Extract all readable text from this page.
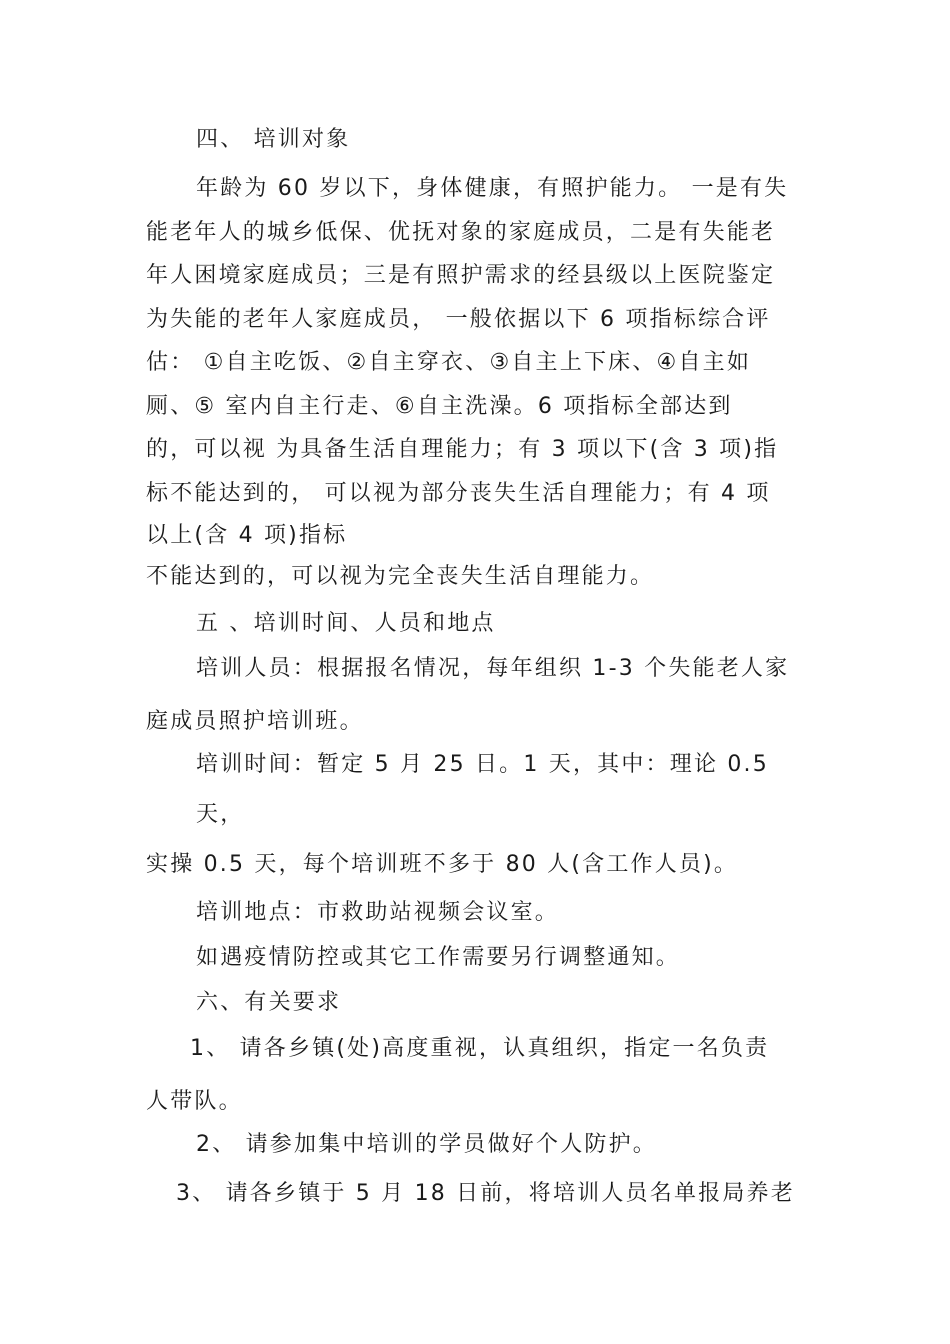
四、 培训对象
年龄为 60 岁以下，身体健康，有照护能力。 一是有失
能老年人的城乡低保、优抚对象的家庭成员，二是有失能老
年人困境家庭成员；三是有照护需求的经县级以上医院鉴定
为失能的老年人家庭成员， 一般依据以下 6 项指标综合评
估： ①自主吃饭、②自主穿衣、③自主上下床、④自主如
厕、⑤ 室内自主行走、⑥自主洗澡。6 项指标全部达到
的，可以视 为具备生活自理能力；有 3 项以下(含 3 项)指
标不能达到的， 可以视为部分丧失生活自理能力；有 4 项
以上(含 4 项)指标
不能达到的，可以视为完全丧失生活自理能力。
五 、培训时间、人员和地点
培训人员：根据报名情况，每年组织 1-3 个失能老人家
庭成员照护培训班。
培训时间：暂定 5 月 25 日。1 天，其中：理论 0.5
天，
实操 0.5 天，每个培训班不多于 80 人(含工作人员)。
培训地点：市救助站视频会议室。
如遇疫情防控或其它工作需要另行调整通知。
六、有关要求
1、 请各乡镇(处)高度重视，认真组织，指定一名负责
人带队。
2、 请参加集中培训的学员做好个人防护。
3、 请各乡镇于 5 月 18 日前，将培训人员名单报局养老
